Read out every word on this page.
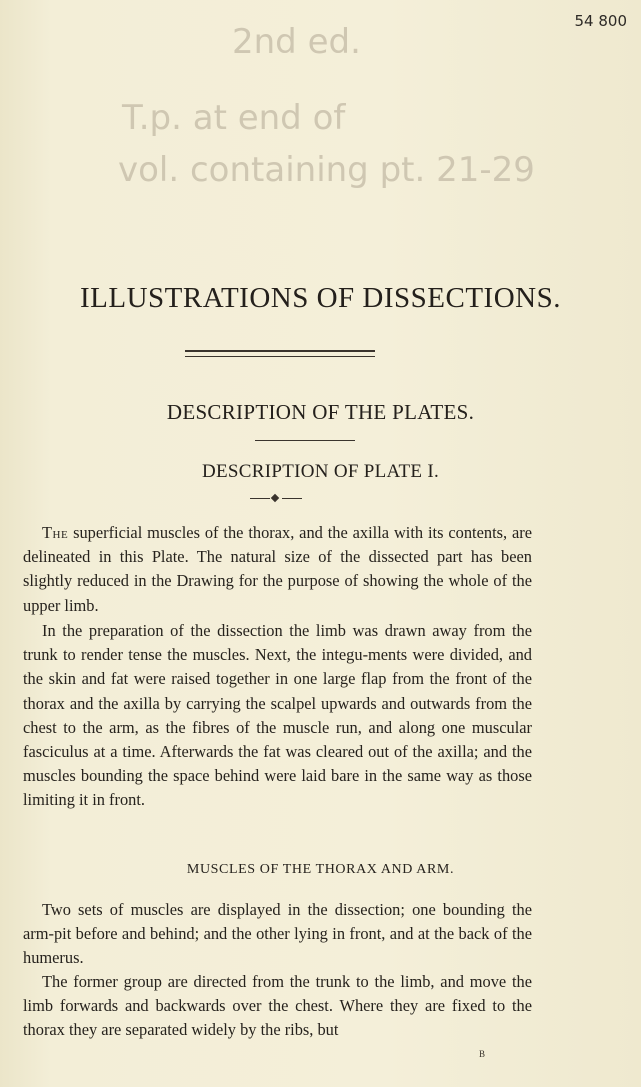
54 800
2nd ed.
T.p. at end of
vol. containing pt. 21-29
ILLUSTRATIONS OF DISSECTIONS.
DESCRIPTION OF THE PLATES.
DESCRIPTION OF PLATE I.

The superficial muscles of the thorax, and the axilla with its contents, are delineated in this Plate. The natural size of the dissected part has been slightly reduced in the Drawing for the purpose of showing the whole of the upper limb.

In the preparation of the dissection the limb was drawn away from the trunk to render tense the muscles. Next, the integu-ments were divided, and the skin and fat were raised together in one large flap from the front of the thorax and the axilla by carrying the scalpel upwards and outwards from the chest to the arm, as the fibres of the muscle run, and along one muscular fasciculus at a time. Afterwards the fat was cleared out of the axilla; and the muscles bounding the space behind were laid bare in the same way as those limiting it in front.

MUSCLES OF THE THORAX AND ARM.

Two sets of muscles are displayed in the dissection; one bounding the arm-pit before and behind; and the other lying in front, and at the back of the humerus.

The former group are directed from the trunk to the limb, and move the limb forwards and backwards over the chest. Where they are fixed to the thorax they are separated widely by the ribs, but

B
